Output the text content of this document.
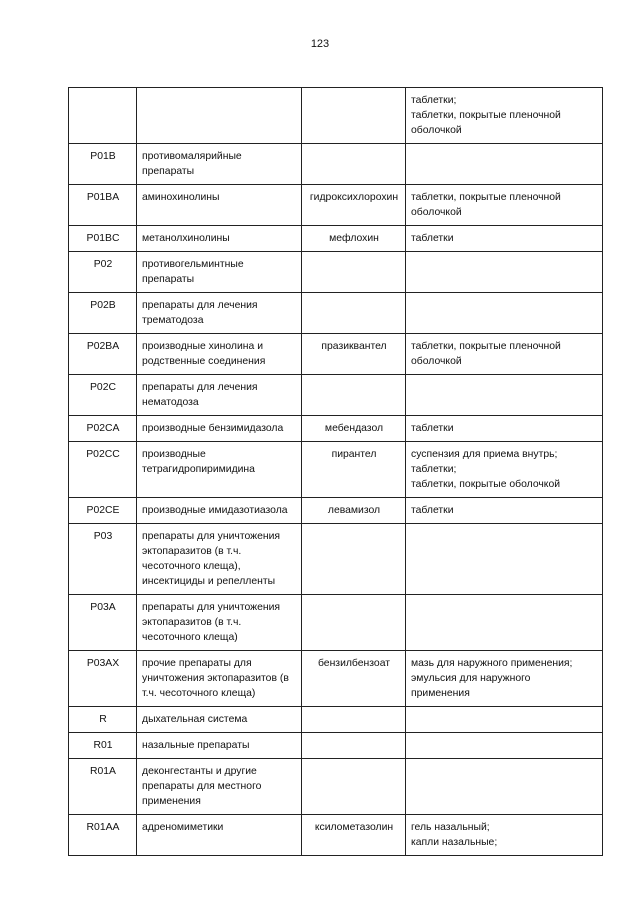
123

			таблетки;
таблетки, покрытые пленочной
оболочкой

P01B	противомалярийные
препараты		

P01BA	аминохинолины	гидроксихлорохин	таблетки, покрытые пленочной
оболочкой

P01BC	метанолхинолины	мефлохин	таблетки

P02	противогельминтные
препараты		

P02B	препараты для лечения
трематодоза		

P02BA	производные хинолина и
родственные соединения	празиквантел	таблетки, покрытые пленочной
оболочкой

P02C	препараты для лечения
нематодоза		

P02CA	производные бензимидазола	мебендазол	таблетки

P02CC	производные
тетрагидропиримидина	пирантел	суспензия для приема внутрь;
таблетки;
таблетки, покрытые оболочкой

P02CE	производные имидазотиазола	левамизол	таблетки

P03	препараты для уничтожения
эктопаразитов (в т.ч.
чесоточного клеща),
инсектициды и репелленты		

P03A	препараты для уничтожения
эктопаразитов (в т.ч.
чесоточного клеща)		

P03AX	прочие препараты для
уничтожения эктопаразитов (в
т.ч. чесоточного клеща)	бензилбензоат	мазь для наружного применения;
эмульсия для наружного
применения

R	дыхательная система		

R01	назальные препараты		

R01A	деконгестанты и другие
препараты для местного
применения		

R01AA	адреномиметики	ксилометазолин	гель назальный;
капли назальные;
